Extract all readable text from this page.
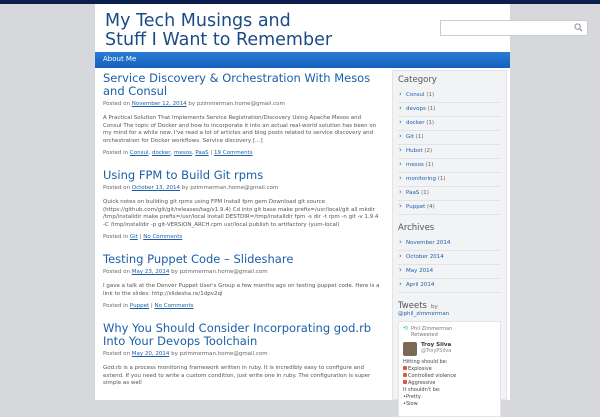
My Tech Musings and
Stuff I Want to Remember
About Me
Service Discovery & Orchestration With Mesos and Consul
Posted on November 12, 2014 by pzimmerman.home@gmail.com
A Practical Solution That Implements Service Registration/Discovery Using Apache Mesos and Consul The topic of Docker and how to incorporate it into an actual real-world solution has been on my mind for a while now. I've read a lot of articles and blog posts related to service discovery and orchestration for Docker workflows. Service discovery […]
Posted in Consul, docker, mesos, PaaS | 19 Comments
Using FPM to Build Git rpms
Posted on October 13, 2014 by pzimmerman.home@gmail.com
Quick notes on building git rpms using FPM Install fpm gem Download git source (https://github.com/git/git/releases/tag/v1.9.4) Cd into git base make prefix=/usr/local/git all mkdir /tmp/installdir make prefix=/usr/local install DESTDIR=/tmp/installdir fpm -s dir -t rpm -n git -v 1.9.4 -C /tmp/installdir -p git-VERSION_ARCH.rpm usr/local publish to artifactory (yum-local)
Posted in Git | No Comments
Testing Puppet Code – Slideshare
Posted on May 23, 2014 by pzimmerman.home@gmail.com
I gave a talk at the Denver Puppet User's Group a few months ago on testing puppet code. Here is a link to the slides: http://slidesha.re/1dpv2ql
Posted in Puppet | No Comments
Why You Should Consider Incorporating god.rb Into Your Devops Toolchain
Posted on May 20, 2014 by pzimmerman.home@gmail.com
God.rb is a process monitoring framework written in ruby. It is incredibly easy to configure and extend. If you need to write a custom condition, just write one in ruby. The configuration is super simple as well
Category
› Consul (1)
› devops (1)
› docker (1)
› Git (1)
› Hubot (2)
› mesos (1)
› monitoring (1)
› PaaS (1)
› Puppet (4)
Archives
› November 2014
› October 2014
› May 2014
› April 2014
Tweets by
@phil_zimmerman
⟲ Phil Zimmerman
Retweeted
Troy Silva
@TroyPSilva
Hitting should be:
Explosive
Controlled violence
Aggressive
It shouldn't be:
•Pretty
•Slow
